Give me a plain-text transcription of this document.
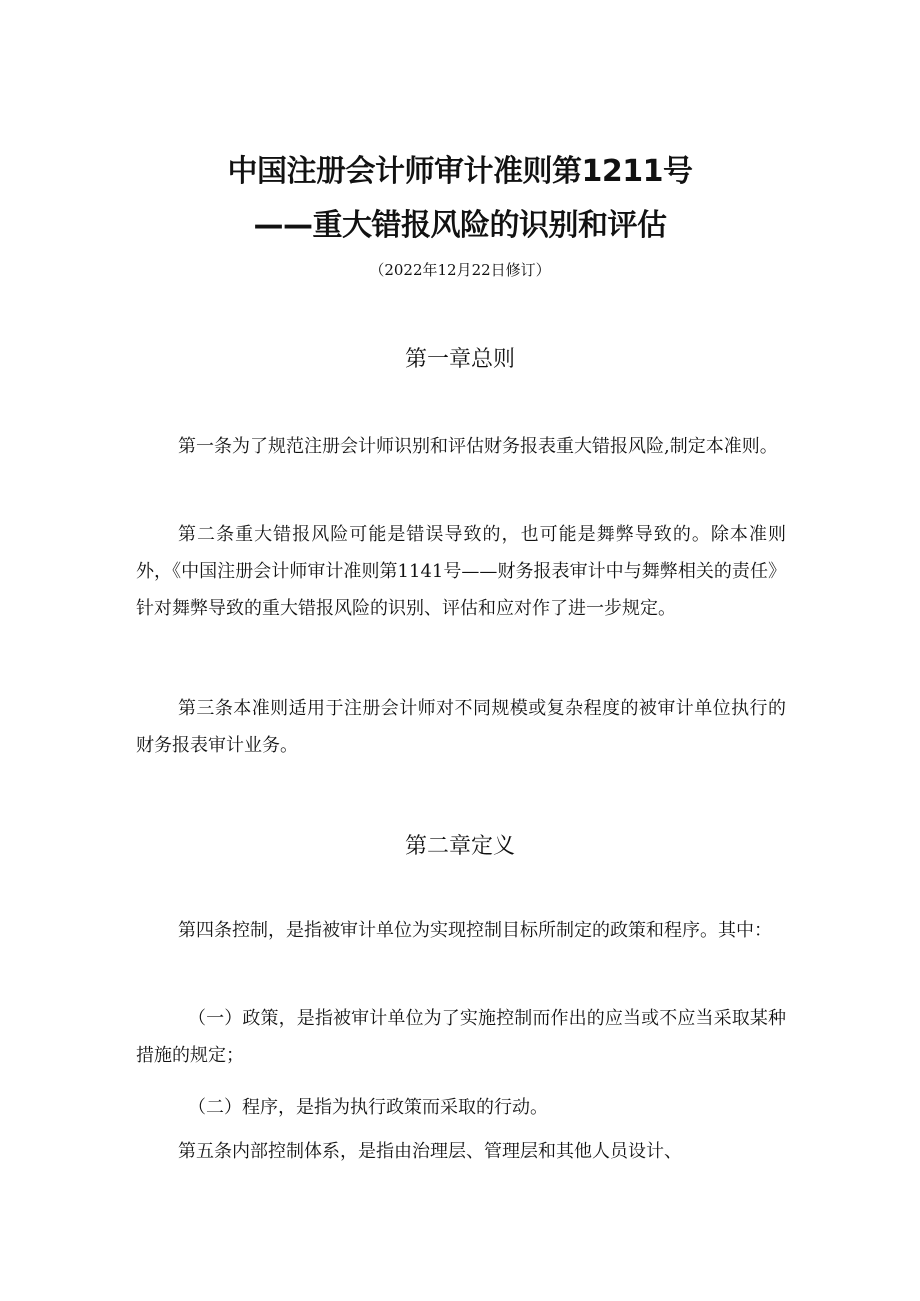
中国注册会计师审计准则第1211号
——重大错报风险的识别和评估
（2022年12月22日修订）
第一章总则

第一条为了规范注册会计师识别和评估财务报表重大错报风险,制定本准则。

第二条重大错报风险可能是错误导致的，也可能是舞弊导致的。除本准则外，《中国注册会计师审计准则第1141号——财务报表审计中与舞弊相关的责任》针对舞弊导致的重大错报风险的识别、评估和应对作了进一步规定。

第三条本准则适用于注册会计师对不同规模或复杂程度的被审计单位执行的财务报表审计业务。

第二章定义

第四条控制，是指被审计单位为实现控制目标所制定的政策和程序。其中：

（一）政策，是指被审计单位为了实施控制而作出的应当或不应当采取某种措施的规定；

（二）程序，是指为执行政策而采取的行动。

第五条内部控制体系，是指由治理层、管理层和其他人员设计、
